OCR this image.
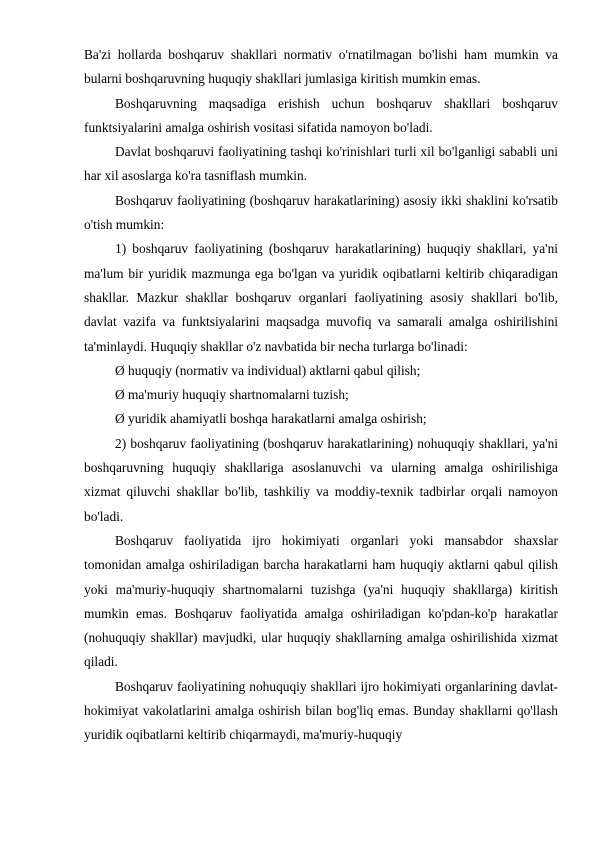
Ba'zi hollarda boshqaruv shakllari normativ o'rnatilmagan bo'lishi ham mumkin va bularni boshqaruvning huquqiy shakllari jumlasiga kiritish mumkin emas.

Boshqaruvning maqsadiga erishish uchun boshqaruv shakllari boshqaruv funktsiyalarini amalga oshirish vositasi sifatida namoyon bo'ladi.

Davlat boshqaruvi faoliyatining tashqi ko'rinishlari turli xil bo'lganligi sababli uni har xil asoslarga ko'ra tasniflash mumkin.

Boshqaruv faoliyatining (boshqaruv harakatlarining) asosiy ikki shaklini ko'rsatib o'tish mumkin:

1) boshqaruv faoliyatining (boshqaruv harakatlarining) huquqiy shakllari, ya'ni ma'lum bir yuridik mazmunga ega bo'lgan va yuridik oqibatlarni keltirib chiqaradigan shakllar. Mazkur shakllar boshqaruv organlari faoliyatining asosiy shakllari bo'lib, davlat vazifa va funktsiyalarini maqsadga muvofiq va samarali amalga oshirilishini ta'minlaydi. Huquqiy shakllar o'z navbatida bir necha turlarga bo'linadi:

Ø huquqiy (normativ va individual) aktlarni qabul qilish;

Ø ma'muriy huquqiy shartnomalarni tuzish;

Ø yuridik ahamiyatli boshqa harakatlarni amalga oshirish;

2) boshqaruv faoliyatining (boshqaruv harakatlarining) nohuquqiy shakllari, ya'ni boshqaruvning huquqiy shakllariga asoslanuvchi va ularning amalga oshirilishiga xizmat qiluvchi shakllar bo'lib, tashkiliy va moddiy-texnik tadbirlar orqali namoyon bo'ladi.

Boshqaruv faoliyatida ijro hokimiyati organlari yoki mansabdor shaxslar tomonidan amalga oshiriladigan barcha harakatlarni ham huquqiy aktlarni qabul qilish yoki ma'muriy-huquqiy shartnomalarni tuzishga (ya'ni huquqiy shakllarga) kiritish mumkin emas. Boshqaruv faoliyatida amalga oshiriladigan ko'pdan-ko'p harakatlar (nohuquqiy shakllar) mavjudki, ular huquqiy shakllarning amalga oshirilishida xizmat qiladi.

Boshqaruv faoliyatining nohuquqiy shakllari ijro hokimiyati organlarining davlat-hokimiyat vakolatlarini amalga oshirish bilan bog'liq emas. Bunday shakllarni qo'llash yuridik oqibatlarni keltirib chiqarmaydi, ma'muriy-huquqiy
